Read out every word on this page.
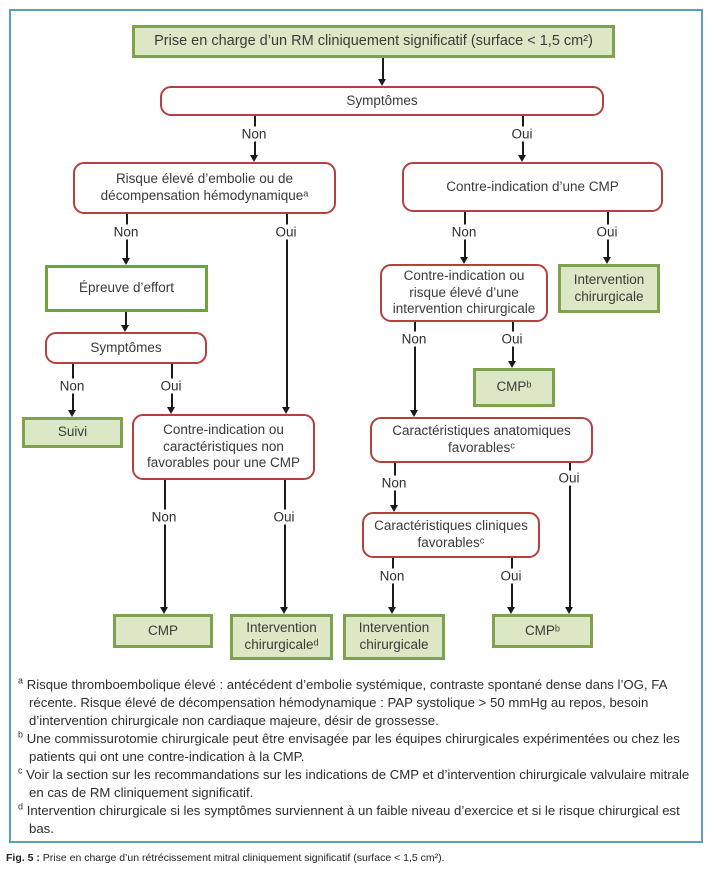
Prise en charge d’un RM cliniquement significatif (surface < 1,5 cm²)
Symptômes
Risque élevé d’embolie ou de décompensation hémodynamiqueᵃ
Contre-indication d’une CMP
Épreuve d’effort
Symptômes
Suivi	Contre-indication ou caractéristiques non favorables pour une CMP
Contre-indication ou risque élevé d’une intervention chirurgicale
Intervention chirurgicale
CMPᵇ
Caractéristiques anatomiques favorablesᶜ
Caractéristiques cliniques favorablesᶜ
CMP	Intervention chirurgicaleᵈ
Intervention chirurgicale
CMPᵇ
Non	Oui
Non	Oui	Non	Oui
Non	Oui
Non	Oui
Non	Oui
Non	Oui
Non	Oui
$^a$ Risque thromboembolique élevé : antécédent d’embolie systémique, contraste spontané dense dans l’OG, FA récente. Risque élevé de décompensation hémodynamique : PAP systolique > 50 mmHg au repos, besoin d’intervention chirurgicale non cardiaque majeure, désir de grossesse.
$^b$ Une commissurotomie chirurgicale peut être envisagée par les équipes chirurgicales expérimentées ou chez les patients qui ont une contre-indication à la CMP.
$^c$ Voir la section sur les recommandations sur les indications de CMP et d’intervention chirurgicale valvulaire mitrale en cas de RM cliniquement significatif.
$^d$ Intervention chirurgicale si les symptômes surviennent à un faible niveau d’exercice et si le risque chirurgical est bas.
Fig. 5 : Prise en charge d’un rétrécissement mitral cliniquement significatif (surface < 1,5 cm²).
